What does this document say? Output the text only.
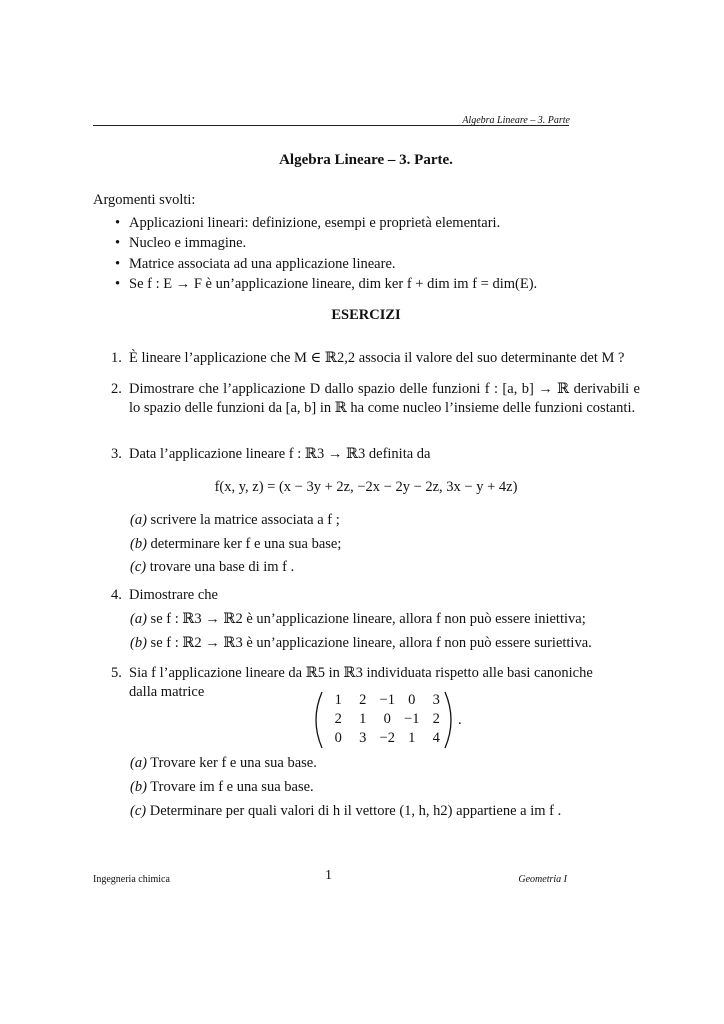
Algebra Lineare – 3. Parte
Algebra Lineare – 3. Parte.
Argomenti svolti:
• Applicazioni lineari: definizione, esempi e proprietà elementari.
• Nucleo e immagine.
• Matrice associata ad una applicazione lineare.
• Se f : E → F è un’applicazione lineare, dim ker f + dim im f = dim(E).
ESERCIZI
1. È lineare l’applicazione che M ∈ ℝ2,2 associa il valore del suo determinante det M ?
2. Dimostrare che l’applicazione D dallo spazio delle funzioni f : [a, b] → ℝ derivabili e lo spazio delle funzioni da [a, b] in ℝ ha come nucleo l’insieme delle funzioni costanti.
3. Data l’applicazione lineare f : ℝ3 → ℝ3 definita da
f(x, y, z) = (x − 3y + 2z, −2x − 2y − 2z, 3x − y + 4z)
(a) scrivere la matrice associata a f ;
(b) determinare ker f e una sua base;
(c) trovare una base di im f .
4. Dimostrare che
(a) se f : ℝ3 → ℝ2 è un’applicazione lineare, allora f non può essere iniettiva;
(b) se f : ℝ2 → ℝ3 è un’applicazione lineare, allora f non può essere suriettiva.
5. Sia f l’applicazione lineare da ℝ5 in ℝ3 individuata rispetto alle basi canoniche
dalla matrice	1 2 −1 0 3
2 1 0 −1 2
0 3 −2 1 4
.
(a) Trovare ker f e una sua base.
(b) Trovare im f e una sua base.
(c) Determinare per quali valori di h il vettore (1, h, h2) appartiene a im f .
Ingegneria chimica	1	Geometria I
